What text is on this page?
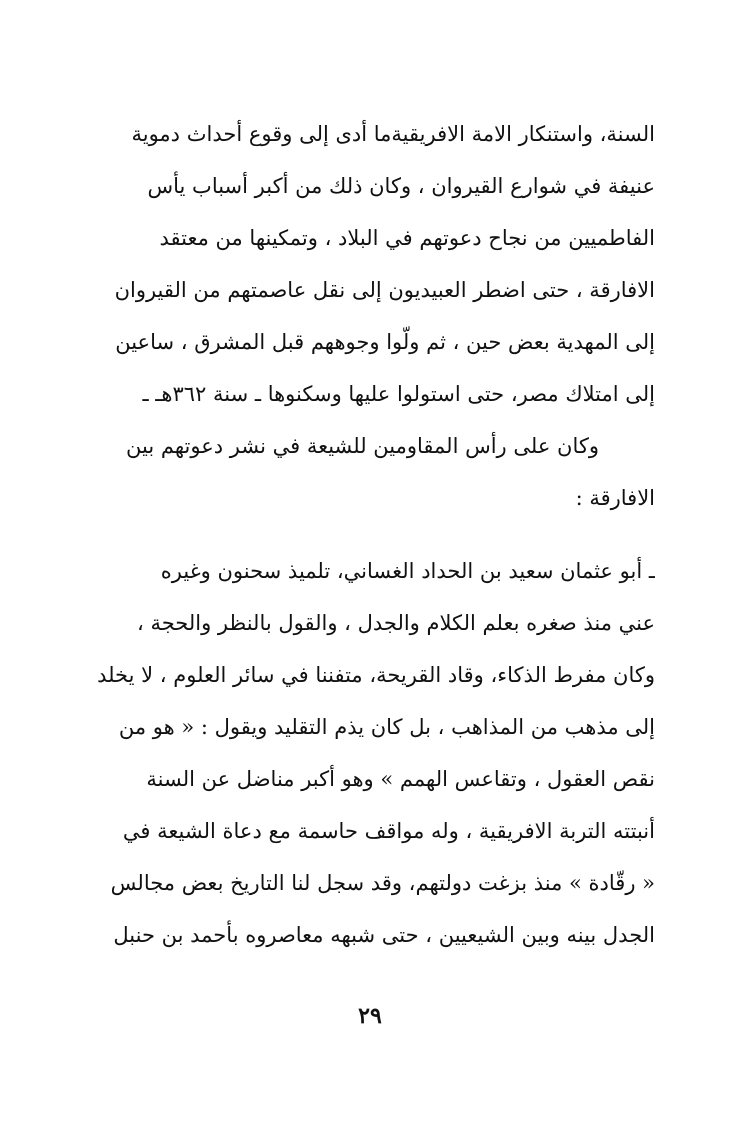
السنة، واستنكار الامة الافريقيةما أدى إلى وقوع أحداث دموية
عنيفة في شوارع القيروان ، وكان ذلك من أكبر أسباب يأس
الفاطميين من نجاح دعوتهم في البلاد ، وتمكينها من معتقد
الافارقة ، حتى اضطر العبيديون إلى نقل عاصمتهم من القيروان
إلى المهدية بعض حين ، ثم ولّوا وجوههم قبل المشرق ، ساعين
إلى امتلاك مصر، حتى استولوا عليها وسكنوها ـ سنة ٣٦٢هـ ـ
وكان على رأس المقاومين للشيعة في نشر دعوتهم بين
الافارقة :
ـ أبو عثمان سعيد بن الحداد الغساني، تلميذ سحنون وغيره
عني منذ صغره بعلم الكلام والجدل ، والقول بالنظر والحجة ،
وكان مفرط الذكاء، وقاد القريحة، متفننا في سائر العلوم ، لا يخلد
إلى مذهب من المذاهب ، بل كان يذم التقليد ويقول : « هو من
نقص العقول ، وتقاعس الهمم » وهو أكبر مناضل عن السنة
أنبتته التربة الافريقية ، وله مواقف حاسمة مع دعاة الشيعة في
« رقّادة » منذ بزغت دولتهم، وقد سجل لنا التاريخ بعض مجالس
الجدل بينه وبين الشيعيين ، حتى شبهه معاصروه بأحمد بن حنبل
٢٩
